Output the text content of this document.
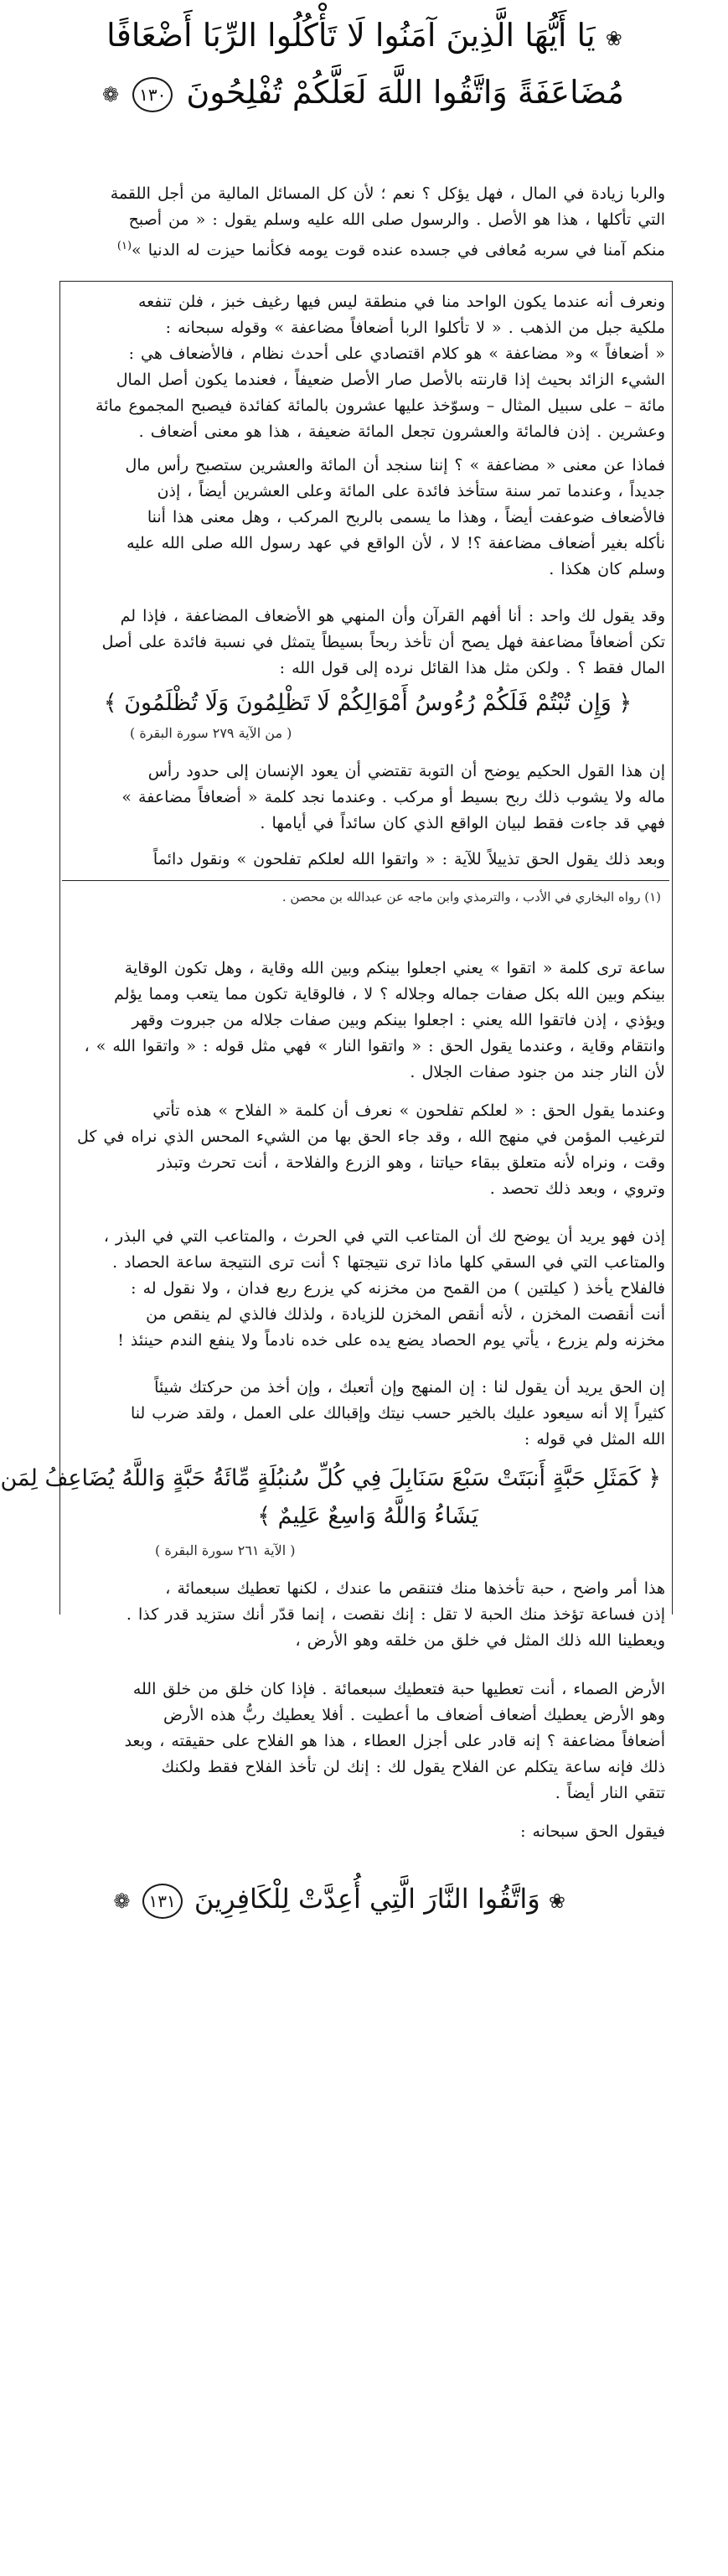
❀ يَا أَيُّهَا الَّذِينَ آمَنُوا لَا تَأْكُلُوا الرِّبَا أَضْعَافًا
مُضَاعَفَةً وَاتَّقُوا اللَّهَ لَعَلَّكُمْ تُفْلِحُونَ ١٣٠ ❁

والربا زيادة في المال ، فهل يؤكل ؟ نعم ؛ لأن كل المسائل المالية من أجل اللقمة
التي تأكلها ، هذا هو الأصل . والرسول صلى الله عليه وسلم يقول : « من أصبح
منكم آمنا في سربه مُعافى في جسده عنده قوت يومه فكأنما حيزت له الدنيا »$^{(١)}$

ونعرف أنه عندما يكون الواحد منا في منطقة ليس فيها رغيف خبز ، فلن تنفعه
ملكية جبل من الذهب . « لا تأكلوا الربا أضعافاً مضاعفة » وقوله سبحانه :
« أضعافاً » و« مضاعفة » هو كلام اقتصادي على أحدث نظام ، فالأضعاف هي :
الشيء الزائد بحيث إذا قارنته بالأصل صار الأصل ضعيفاً ، فعندما يكون أصل المال
مائة – على سبيل المثال – وسوّخذ عليها عشرون بالمائة كفائدة فيصبح المجموع مائة
وعشرين . إذن فالمائة والعشرون تجعل المائة ضعيفة ، هذا هو معنى أضعاف .
فماذا عن معنى « مضاعفة » ؟ إننا سنجد أن المائة والعشرين ستصبح رأس مال
جديداً ، وعندما تمر سنة ستأخذ فائدة على المائة وعلى العشرين أيضاً ، إذن
فالأضعاف ضوعفت أيضاً ، وهذا ما يسمى بالربح المركب ، وهل معنى هذا أننا
نأكله بغير أضعاف مضاعفة ؟! لا ، لأن الواقع في عهد رسول الله صلى الله عليه
وسلم كان هكذا .
وقد يقول لك واحد : أنا أفهم القرآن وأن المنهي هو الأضعاف المضاعفة ، فإذا لم
تكن أضعافاً مضاعفة فهل يصح أن تأخذ ربحاً بسيطاً يتمثل في نسبة فائدة على أصل
المال فقط ؟ . ولكن مثل هذا القائل نرده إلى قول الله :
﴿ وَإِن تُبْتُمْ فَلَكُمْ رُءُوسُ أَمْوَالِكُمْ لَا تَظْلِمُونَ وَلَا تُظْلَمُونَ ﴾
( من الآية ٢٧٩ سورة البقرة )
إن هذا القول الحكيم يوضح أن التوبة تقتضي أن يعود الإنسان إلى حدود رأس
ماله ولا يشوب ذلك ربح بسيط أو مركب . وعندما نجد كلمة « أضعافاً مضاعفة »
فهي قد جاءت فقط لبيان الواقع الذي كان سائداً في أيامها .
وبعد ذلك يقول الحق تذييلاً للآية : « واتقوا الله لعلكم تفلحون » ونقول دائماً
(١) رواه البخاري في الأدب ، والترمذي وابن ماجه عن عبدالله بن محصن .
ساعة ترى كلمة « اتقوا » يعني اجعلوا بينكم وبين الله وقاية ، وهل تكون الوقاية
بينكم وبين الله بكل صفات جماله وجلاله ؟ لا ، فالوقاية تكون مما يتعب ومما يؤلم
ويؤذي ، إذن فاتقوا الله يعني : اجعلوا بينكم وبين صفات جلاله من جبروت وقهر
وانتقام وقاية ، وعندما يقول الحق : « واتقوا النار » فهي مثل قوله : « واتقوا الله » ،
لأن النار جند من جنود صفات الجلال .
وعندما يقول الحق : « لعلكم تفلحون » نعرف أن كلمة « الفلاح » هذه تأتي
لترغيب المؤمن في منهج الله ، وقد جاء الحق بها من الشيء المحس الذي نراه في كل
وقت ، ونراه لأنه متعلق ببقاء حياتنا ، وهو الزرع والفلاحة ، أنت تحرث وتبذر
وتروي ، وبعد ذلك تحصد .
إذن فهو يريد أن يوضح لك أن المتاعب التي في الحرث ، والمتاعب التي في البذر ،
والمتاعب التي في السقي كلها ماذا ترى نتيجتها ؟ أنت ترى النتيجة ساعة الحصاد .
فالفلاح يأخذ ( كيلتين ) من القمح من مخزنه كي يزرع ربع فدان ، ولا نقول له :
أنت أنقصت المخزن ، لأنه أنقص المخزن للزيادة ، ولذلك فالذي لم ينقص من
مخزنه ولم يزرع ، يأتي يوم الحصاد يضع يده على خده نادماً ولا ينفع الندم حينئذ !
إن الحق يريد أن يقول لنا : إن المنهج وإن أتعبك ، وإن أخذ من حركتك شيئاً
كثيراً إلا أنه سيعود عليك بالخير حسب نيتك وإقبالك على العمل ، ولقد ضرب لنا
الله المثل في قوله :
﴿ كَمَثَلِ حَبَّةٍ أَنبَتَتْ سَبْعَ سَنَابِلَ فِي كُلِّ سُنبُلَةٍ مِّائَةُ حَبَّةٍ وَاللَّهُ يُضَاعِفُ لِمَن
يَشَاءُ وَاللَّهُ وَاسِعٌ عَلِيمٌ ﴾
( الآية ٢٦١ سورة البقرة )
هذا أمر واضح ، حبة تأخذها منك فتنقص ما عندك ، لكنها تعطيك سبعمائة ،
إذن فساعة تؤخذ منك الحبة لا تقل : إنك نقصت ، إنما قدّر أنك ستزيد قدر كذا .
ويعطينا الله ذلك المثل في خلق من خلقه وهو الأرض ،
الأرض الصماء ، أنت تعطيها حبة فتعطيك سبعمائة . فإذا كان خلق من خلق الله
وهو الأرض يعطيك أضعاف أضعاف ما أعطيت . أفلا يعطيك ربُّ هذه الأرض
أضعافاً مضاعفة ؟ إنه قادر على أجزل العطاء ، هذا هو الفلاح على حقيقته ، وبعد
ذلك فإنه ساعة يتكلم عن الفلاح يقول لك : إنك لن تأخذ الفلاح فقط ولكنك
تتقي النار أيضاً .
فيقول الحق سبحانه :
❀ وَاتَّقُوا النَّارَ الَّتِي أُعِدَّتْ لِلْكَافِرِينَ ١٣١ ❁
